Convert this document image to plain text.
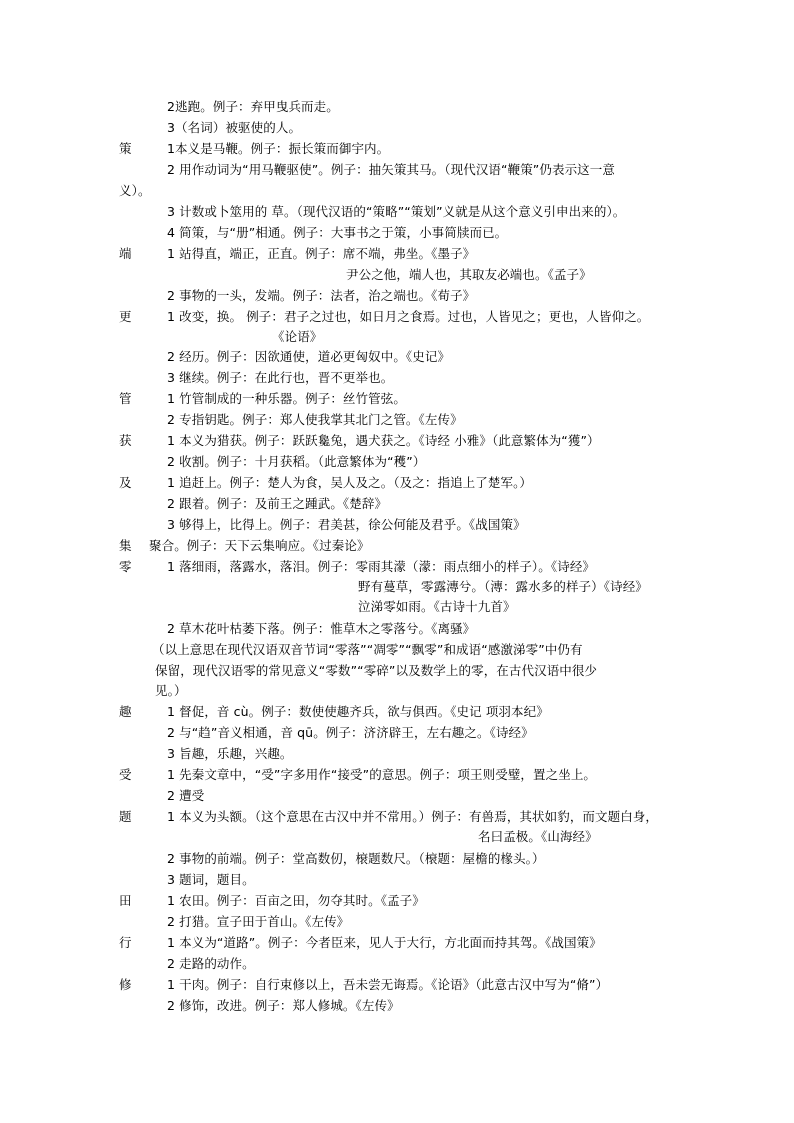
2逃跑。例子：弃甲曳兵而走。
3（名词）被驱使的人。
策	1本义是马鞭。例子：振长策而御宇内。
2 用作动词为“用马鞭驱使”。例子：抽矢策其马。（现代汉语“鞭策”仍表示这一意
义）。
3 计数或卜筮用的 草。（现代汉语的“策略”“策划”义就是从这个意义引申出来的）。
4 简策，与“册”相通。例子：大事书之于策，小事简牍而已。
端	1 站得直，端正，正直。例子：席不端，弗坐。《墨子》
尹公之他，端人也，其取友必端也。《孟子》
2 事物的一头，发端。例子：法者，治之端也。《荀子》
更	1 改变，换。 例子：君子之过也，如日月之食焉。过也，人皆见之；更也，人皆仰之。
《论语》
2 经历。例子：因欲通使，道必更匈奴中。《史记》
3 继续。例子：在此行也，晋不更举也。
管	1 竹管制成的一种乐器。例子：丝竹管弦。
2 专指钥匙。例子：郑人使我掌其北门之管。《左传》
获	1 本义为猎获。例子：跃跃毚兔，遇犬获之。《诗经 小雅》（此意繁体为“獲”）
2 收割。例子：十月获稻。（此意繁体为“穫”）
及	1 追赶上。例子：楚人为食，吴人及之。（及之：指追上了楚军。）
2 跟着。例子：及前王之踵武。《楚辞》
3 够得上，比得上。例子：君美甚，徐公何能及君乎。《战国策》
集 聚合。例子：天下云集响应。《过秦论》
零	1 落细雨，落露水，落泪。例子：零雨其濛（濛：雨点细小的样子）。《诗经》
野有蔓草，零露漙兮。（漙：露水多的样子）《诗经》
泣涕零如雨。《古诗十九首》
2 草木花叶枯萎下落。例子：惟草木之零落兮。《离骚》
（以上意思在现代汉语双音节词“零落”“凋零”“飘零”和成语“感激涕零”中仍有
保留，现代汉语零的常见意义“零数”“零碎”以及数学上的零，在古代汉语中很少
见。）
趣	1 督促，音 cù。例子：数使使趣齐兵，欲与俱西。《史记 项羽本纪》
2 与“趋”音义相通，音 qū。例子：济济辟王，左右趣之。《诗经》
3 旨趣，乐趣，兴趣。
受	1 先秦文章中，“受”字多用作“接受”的意思。例子：项王则受璧，置之坐上。
2 遭受
题	1 本义为头额。（这个意思在古汉中并不常用。）例子：有兽焉，其状如豹，而文题白身，
名曰孟极。《山海经》
2 事物的前端。例子：堂高数仞，榱题数尺。（榱题：屋檐的椽头。）
3 题词，题目。
田	1 农田。例子：百亩之田，勿夺其时。《孟子》
2 打猎。宣子田于首山。《左传》
行	1 本义为“道路”。例子：今者臣来，见人于大行，方北面而持其驾。《战国策》
2 走路的动作。
修	1 干肉。例子：自行束修以上，吾未尝无诲焉。《论语》（此意古汉中写为“脩”）
2 修饰，改进。例子：郑人修城。《左传》
